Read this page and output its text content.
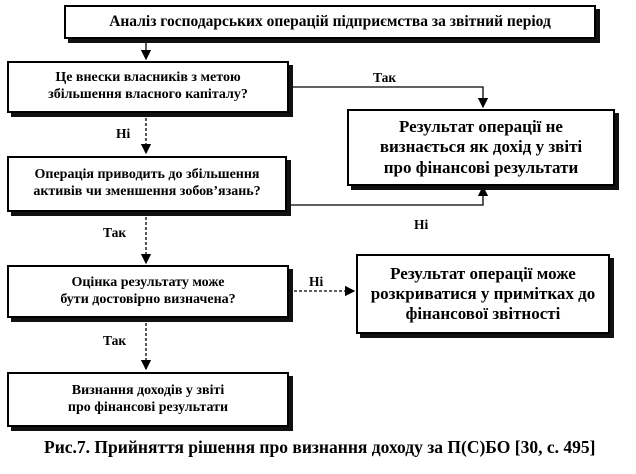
Аналіз господарських операцій підприємства за звітний період
Це внески власників з метою
збільшення власного капіталу?
Результат операції не
визнається як дохід у звіті
про фінансові результати
Операція приводить до збільшення
активів чи зменшення зобов’язань?
Оцінка результату може
бути достовірно визначена?
Результат операції може
розкриватися у примітках до
фінансової звітності
Визнання доходів у звіті
про фінансові результати
Так
Ні
Ні
Так
Ні
Так
Рис.7. Прийняття рішення про визнання доходу за П(С)БО [30, с. 495]
